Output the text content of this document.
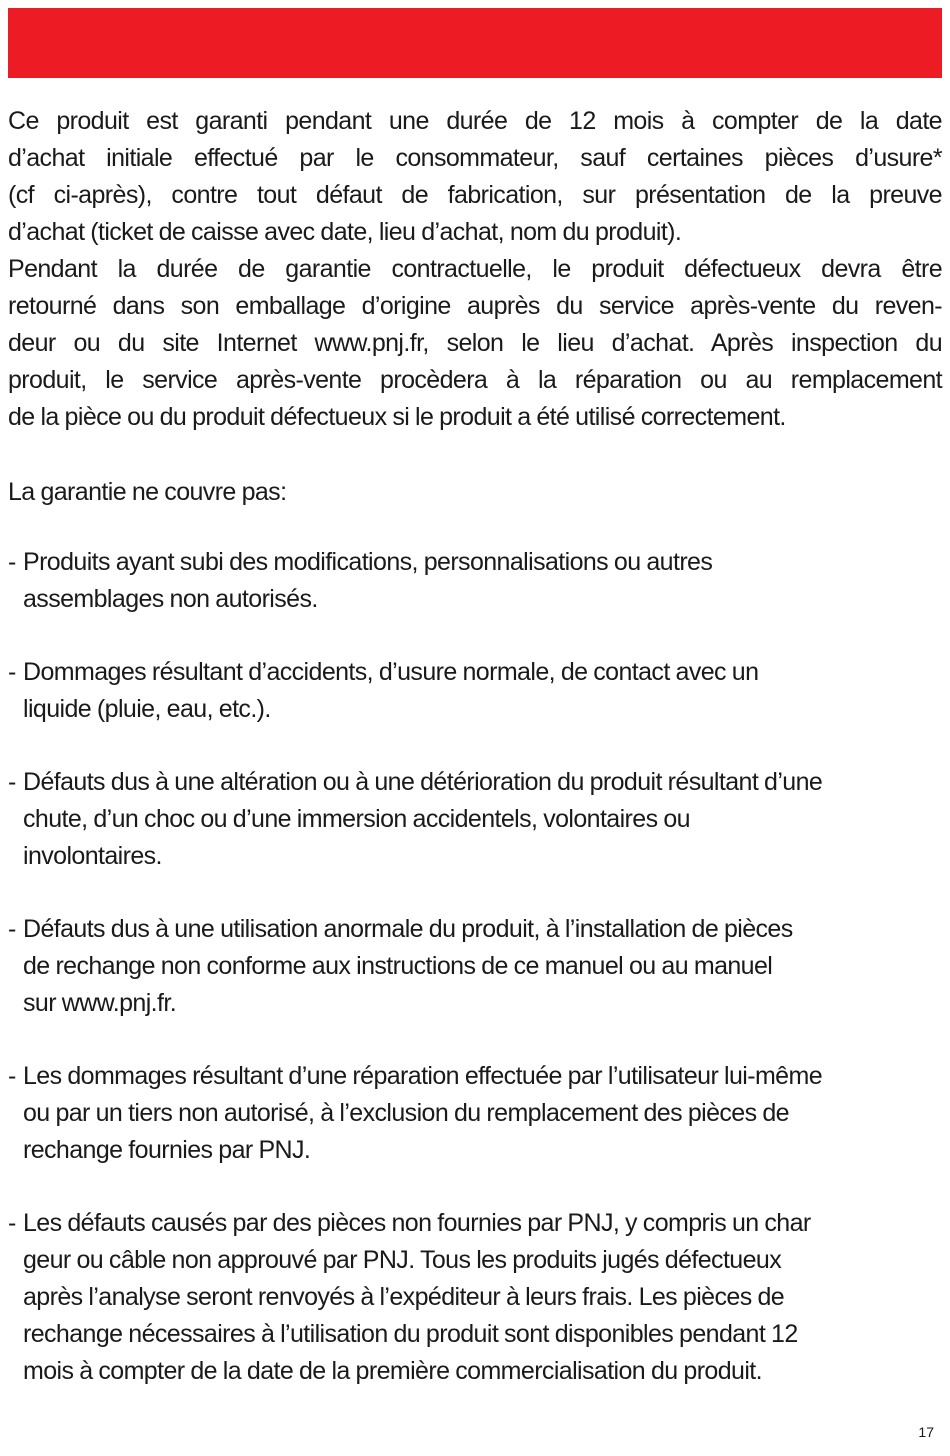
Ce produit est garanti pendant une durée de 12 mois à compter de la date
d’achat initiale effectué par le consommateur, sauf certaines pièces d’usure*
(cf ci-après), contre tout défaut de fabrication, sur présentation de la preuve
d’achat (ticket de caisse avec date, lieu d’achat, nom du produit).

Pendant la durée de garantie contractuelle, le produit défectueux devra être
retourné dans son emballage d’origine auprès du service après-vente du reven-
deur ou du site Internet www.pnj.fr, selon le lieu d’achat. Après inspection du
produit, le service après-vente procèdera à la réparation ou au remplacement
de la pièce ou du produit défectueux si le produit a été utilisé correctement.

La garantie ne couvre pas:

- Produits ayant subi des modifications, personnalisations ou autres
assemblages non autorisés.
- Dommages résultant d’accidents, d’usure normale, de contact avec un
liquide (pluie, eau, etc.).
- Défauts dus à une altération ou à une détérioration du produit résultant d’une
chute, d’un choc ou d’une immersion accidentels, volontaires ou
involontaires.
- Défauts dus à une utilisation anormale du produit, à l’installation de pièces
de rechange non conforme aux instructions de ce manuel ou au manuel
sur www.pnj.fr.
- Les dommages résultant d’une réparation effectuée par l’utilisateur lui-même
ou par un tiers non autorisé, à l’exclusion du remplacement des pièces de
rechange fournies par PNJ.
- Les défauts causés par des pièces non fournies par PNJ, y compris un char
geur ou câble non approuvé par PNJ. Tous les produits jugés défectueux
après l’analyse seront renvoyés à l’expéditeur à leurs frais. Les pièces de
rechange nécessaires à l’utilisation du produit sont disponibles pendant 12
mois à compter de la date de la première commercialisation du produit.
17
